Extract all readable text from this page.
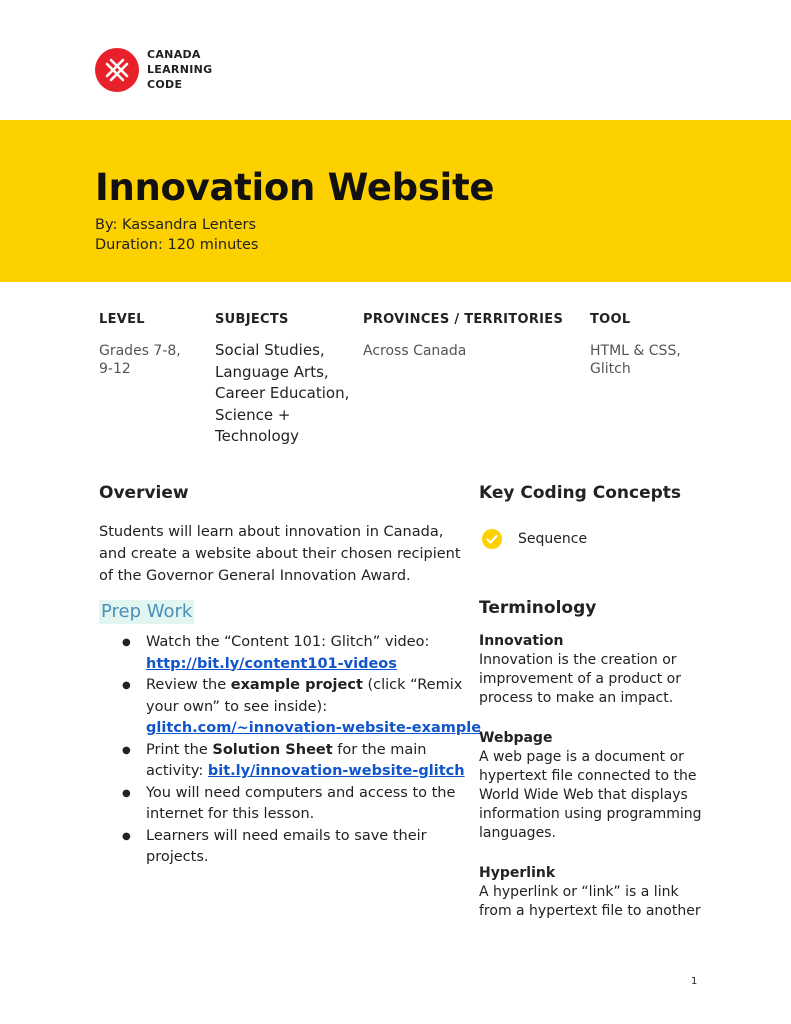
CANADA
LEARNING
CODE
Innovation Website
By: Kassandra Lenters
Duration: 120 minutes
LEVEL
Grades 7-8,
9-12
SUBJECTS
Social Studies,
Language Arts,
Career Education,
Science +
Technology
PROVINCES / TERRITORIES
Across Canada
TOOL
HTML & CSS,
Glitch
Overview
Students will learn about innovation in Canada, and create a website about their chosen recipient of the Governor General Innovation Award.
Prep Work
● Watch the “Content 101: Glitch” video:
http://bit.ly/content101-videos
● Review the example project (click “Remix your own” to see inside):
glitch.com/~innovation-website-example
● Print the Solution Sheet for the main activity: bit.ly/innovation-website-glitch
● You will need computers and access to the internet for this lesson.
● Learners will need emails to save their projects.
Key Coding Concepts
Sequence
Terminology
Innovation
Innovation is the creation or improvement of a product or process to make an impact.
Webpage
A web page is a document or hypertext file connected to the World Wide Web that displays information using programming languages.
Hyperlink
A hyperlink or “link” is a link from a hypertext file to another
1
